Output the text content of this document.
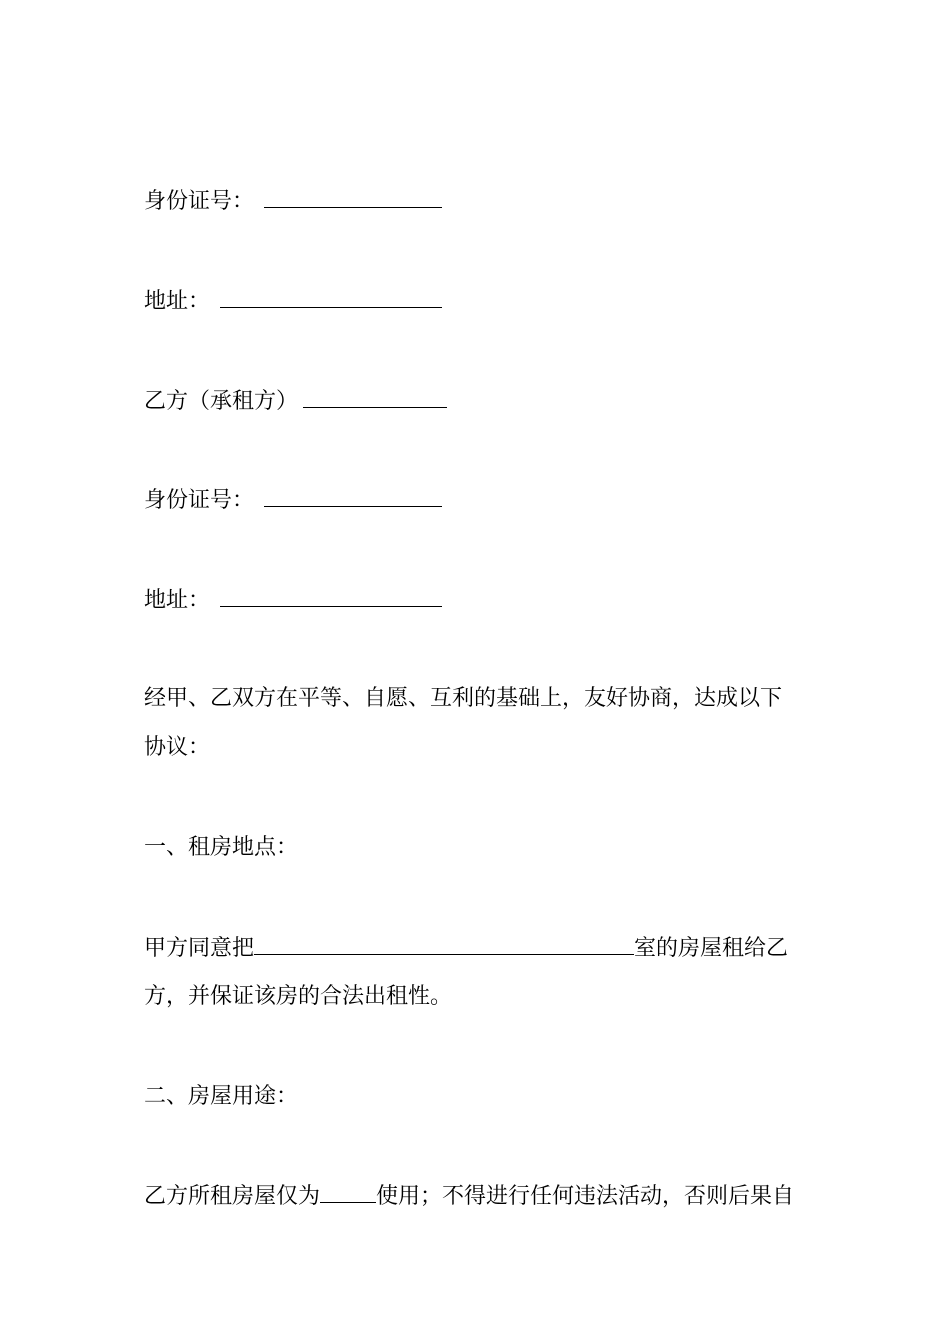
身份证号：
地址：
乙方（承租方）
身份证号：
地址：
经甲、乙双方在平等、自愿、互利的基础上，友好协商，达成以下
协议：
一、租房地点：
甲方同意把	室的房屋租给乙
方，并保证该房的合法出租性。
二、房屋用途：
乙方所租房屋仅为	使用；不得进行任何违法活动，否则后果自
